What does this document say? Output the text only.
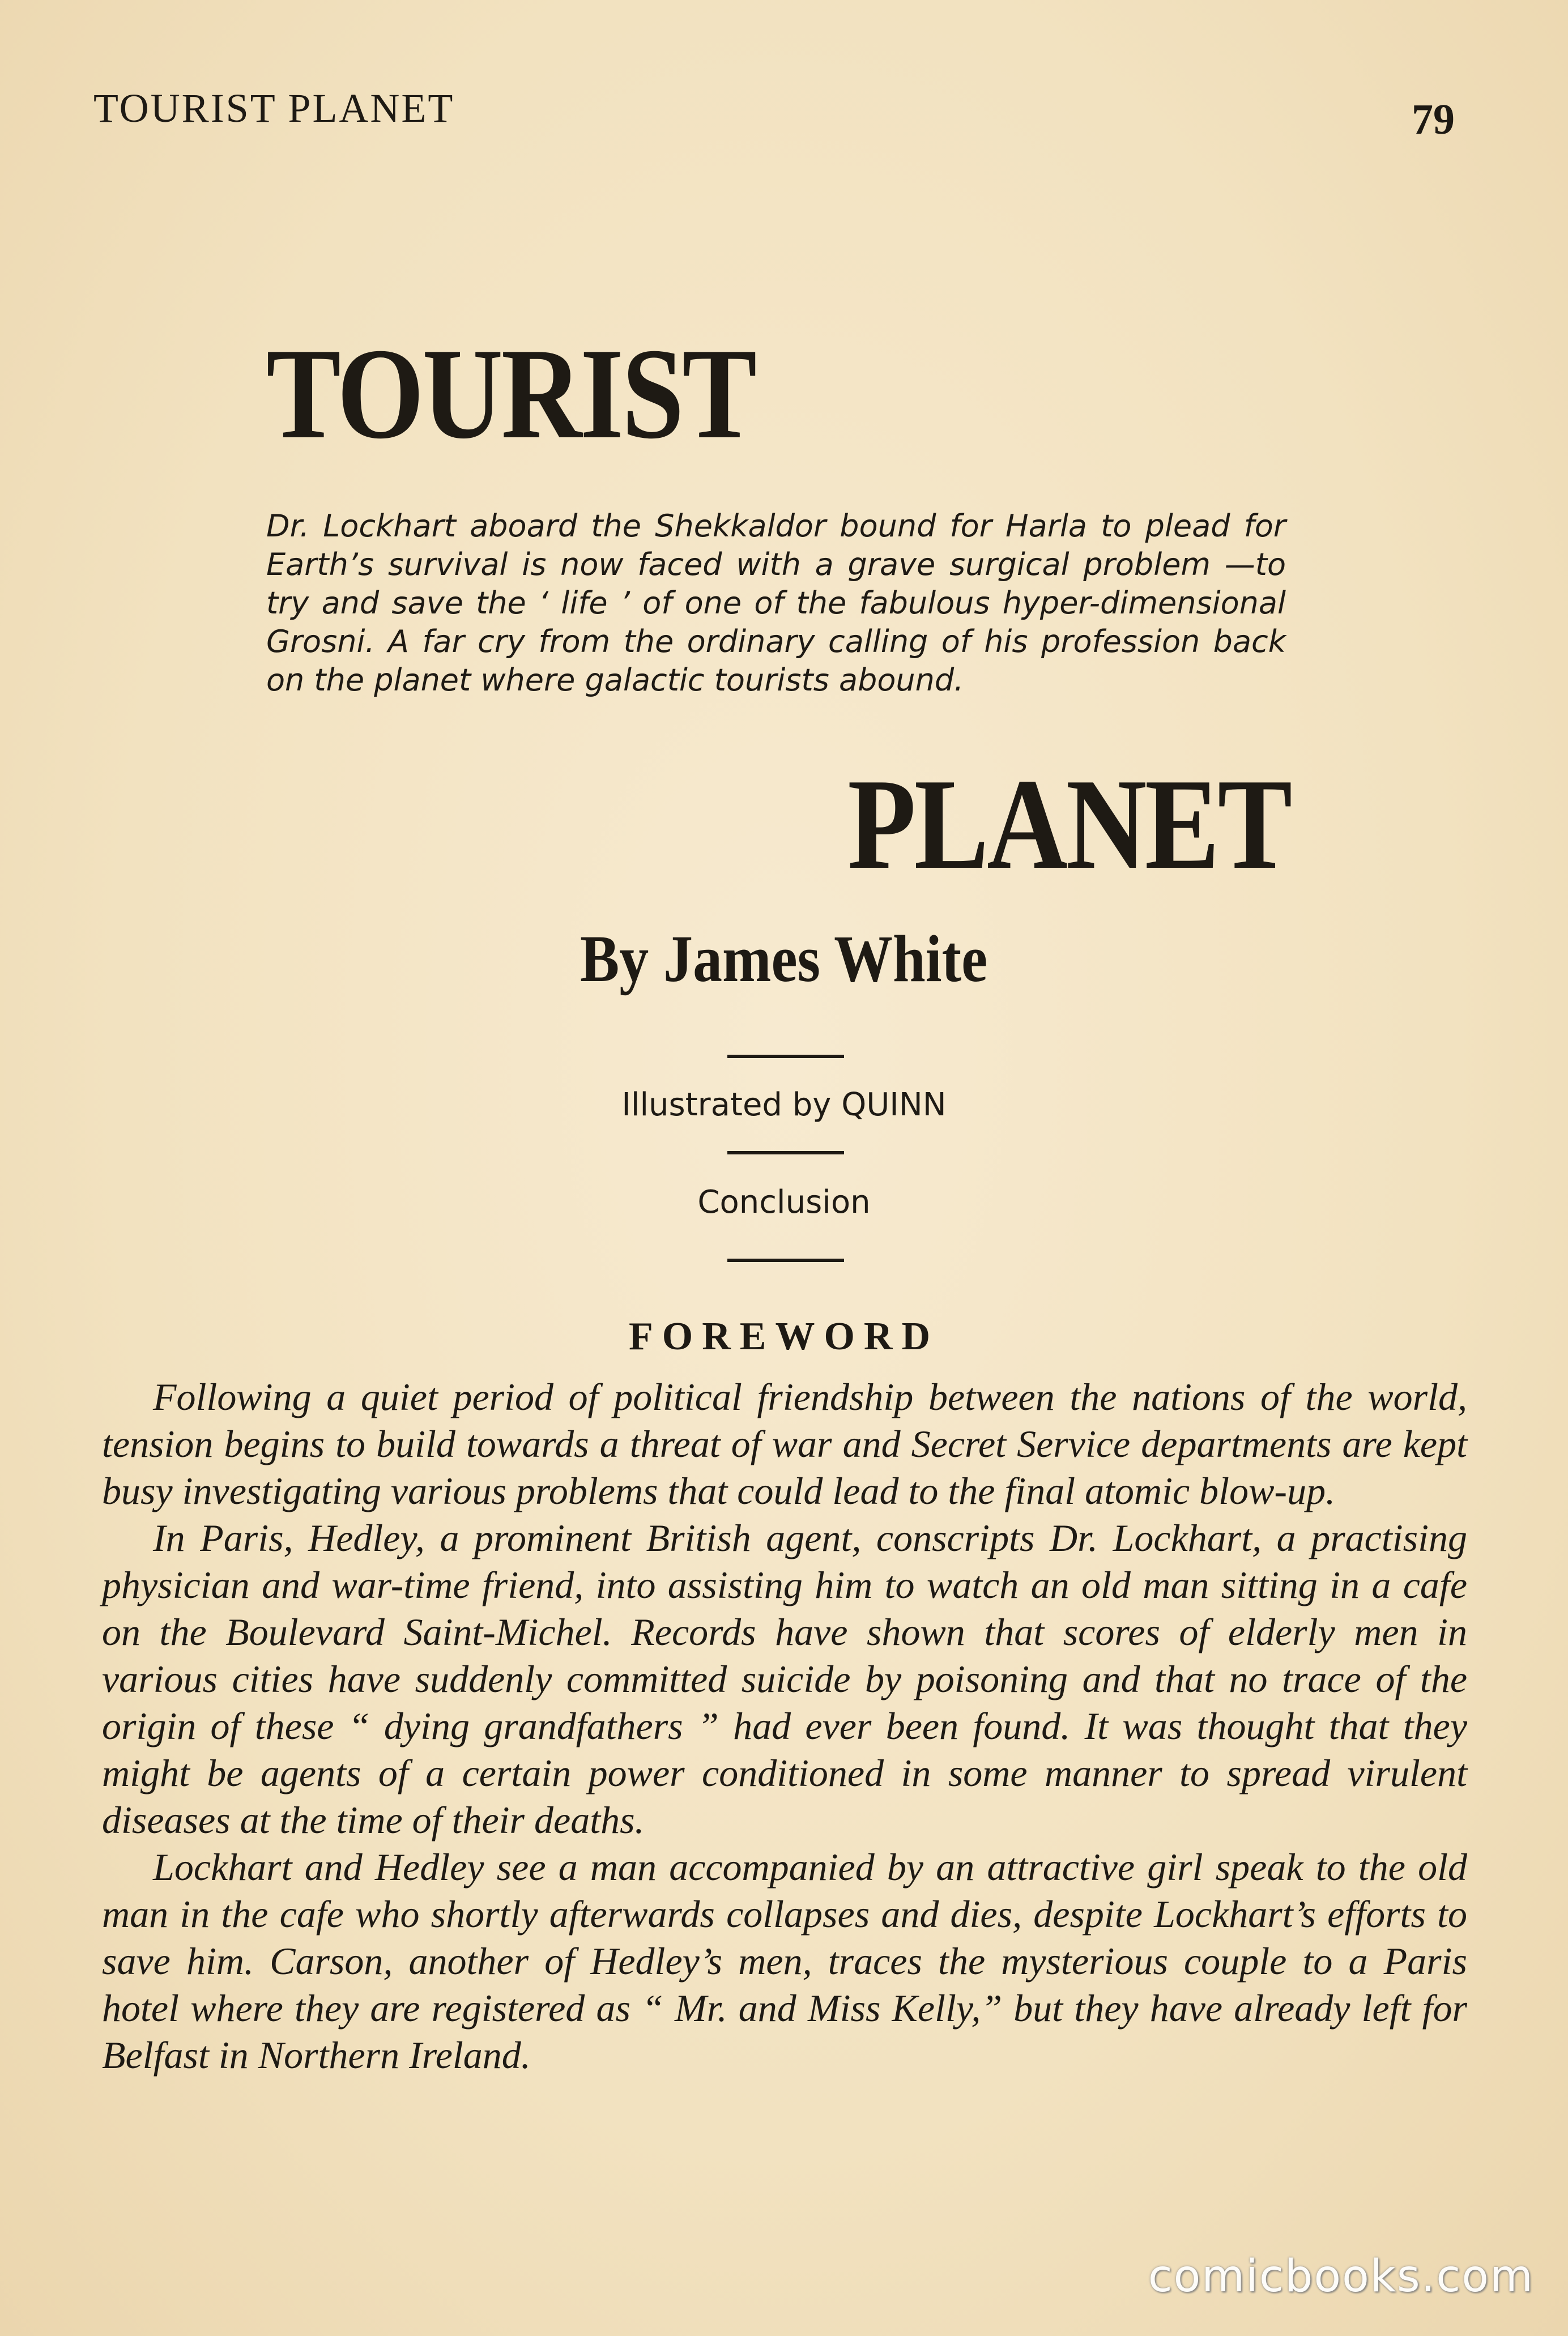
TOURIST PLANET	79
TOURIST
Dr. Lockhart aboard the Shekkaldor bound for Harla to plead for Earth’s survival is now faced with a grave surgical problem —to try and save the ‘ life ’ of one of the fabulous hyper-dimensional Grosni. A far cry from the ordinary calling of his profession back on the planet where galactic tourists abound.
PLANET
By James White
Illustrated by QUINN
Conclusion
FOREWORD

Following a quiet period of political friendship between the nations of the world, tension begins to build towards a threat of war and Secret Service departments are kept busy investigating various problems that could lead to the final atomic blow-up.

In Paris, Hedley, a prominent British agent, conscripts Dr. Lockhart, a practising physician and war-time friend, into assisting him to watch an old man sitting in a cafe on the Boulevard Saint-Michel. Records have shown that scores of elderly men in various cities have suddenly committed suicide by poisoning and that no trace of the origin of these “ dying grandfathers ” had ever been found. It was thought that they might be agents of a certain power conditioned in some manner to spread virulent diseases at the time of their deaths.

Lockhart and Hedley see a man accompanied by an attractive girl speak to the old man in the cafe who shortly afterwards collapses and dies, despite Lockhart’s efforts to save him. Carson, another of Hedley’s men, traces the mysterious couple to a Paris hotel where they are registered as “ Mr. and Miss Kelly,” but they have already left for Belfast in Northern Ireland.

comicbooks.com
